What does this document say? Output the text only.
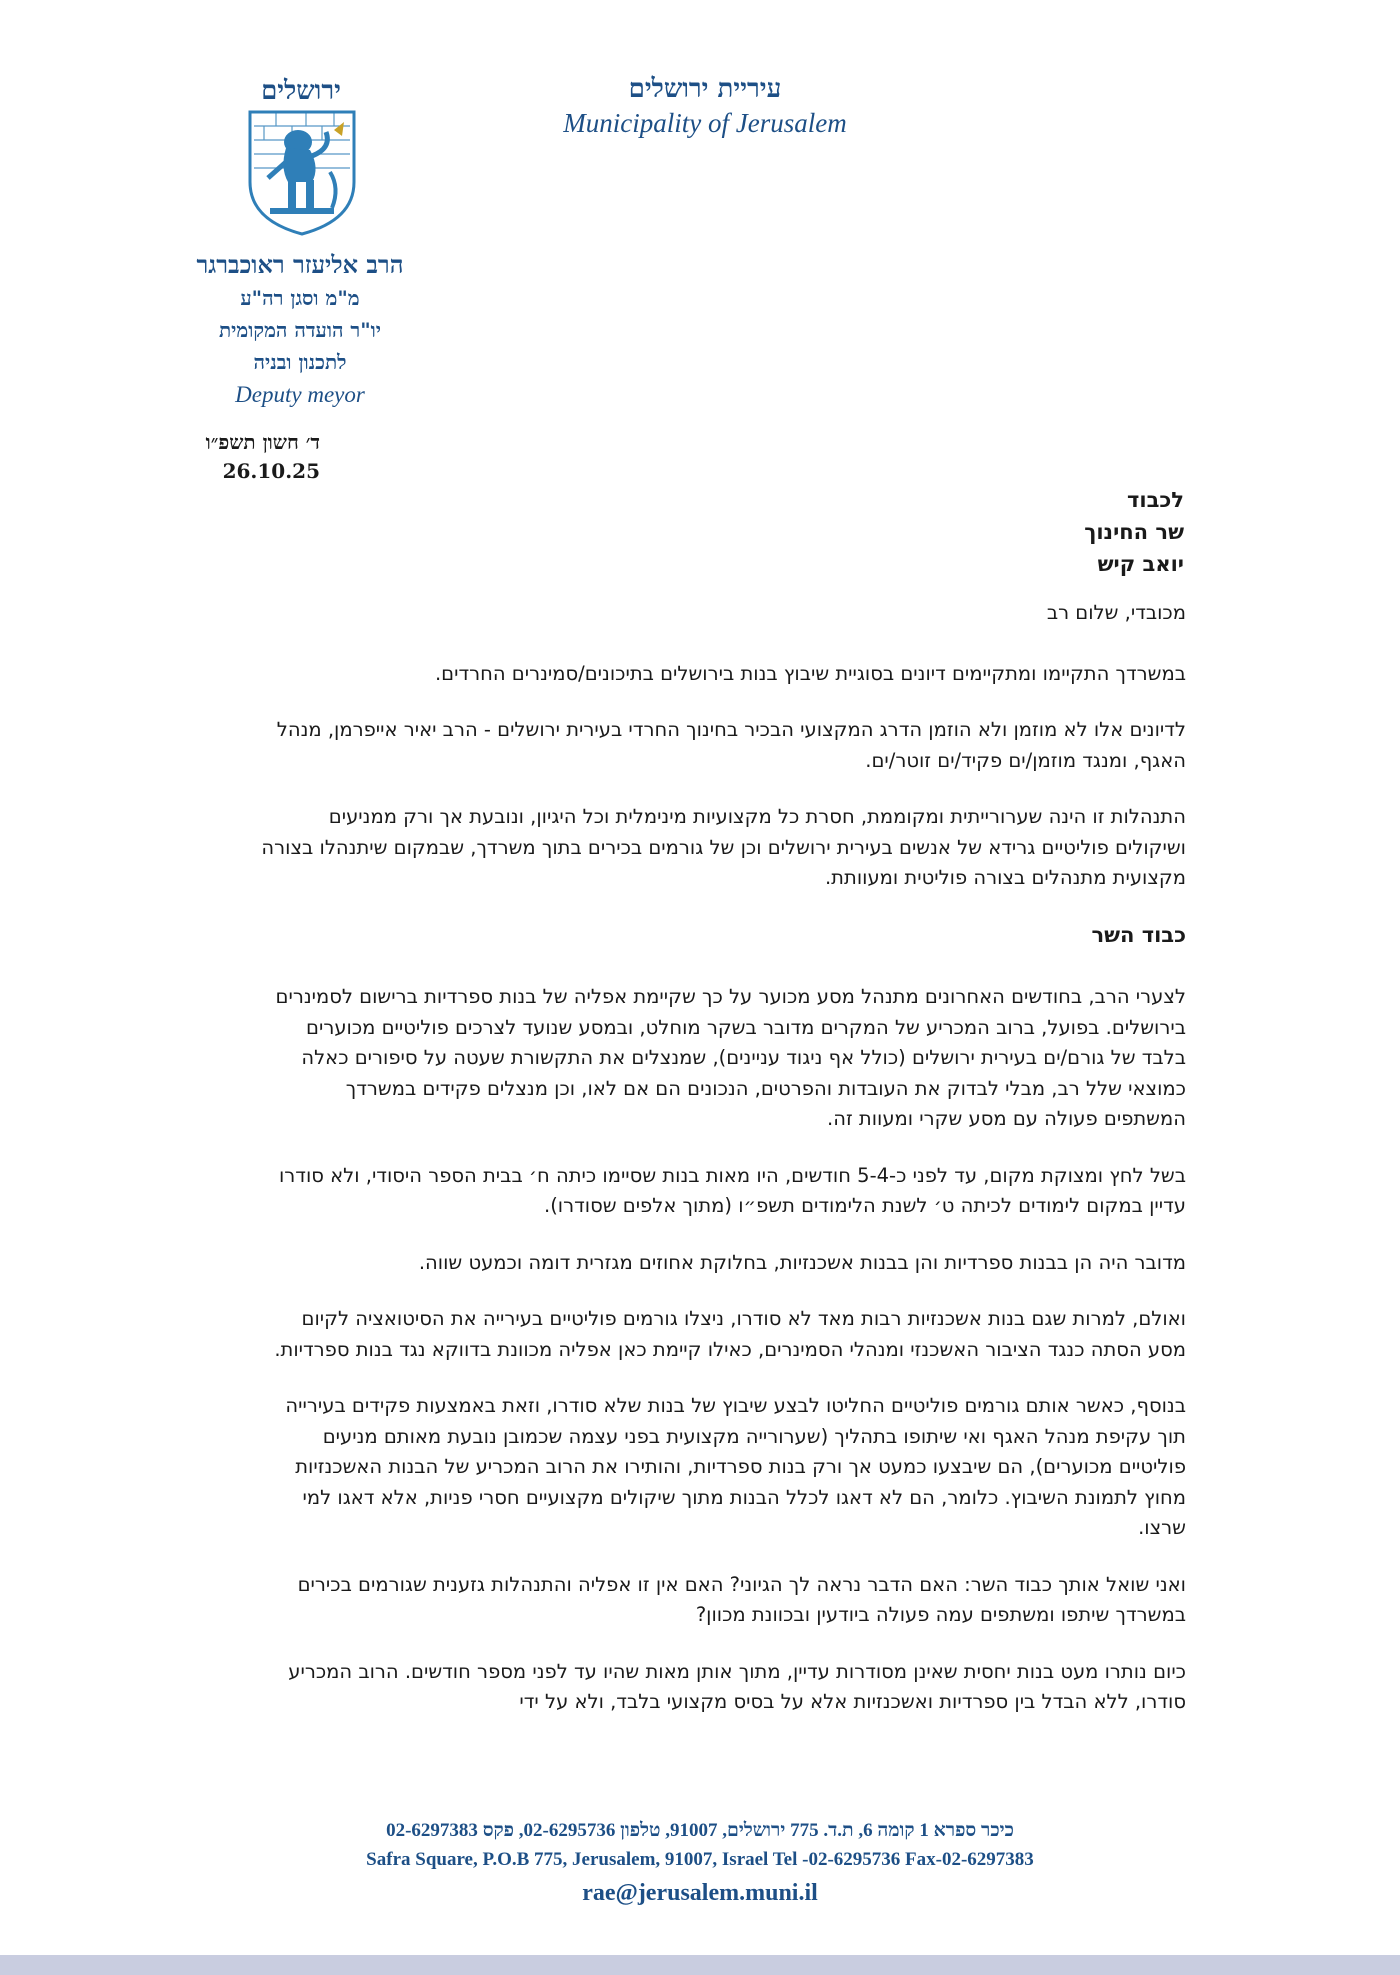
עיריית ירושלים
Municipality of Jerusalem
ירושלים
הרב אליעזר ראוכברגר
מ"מ וסגן רה"ע
יו"ר הועדה המקומית
לתכנון ובניה
Deputy meyor
ד׳ חשון תשפ״ו
26.10.25
לכבוד
שר החינוך
יואב קיש

מכובדי, שלום רב

במשרדך התקיימו ומתקיימים דיונים בסוגיית שיבוץ בנות בירושלים בתיכונים/סמינרים החרדים.

לדיונים אלו לא מוזמן ולא הוזמן הדרג המקצועי הבכיר בחינוך החרדי בעירית ירושלים - הרב יאיר אייפרמן, מנהל האגף, ומנגד מוזמן/ים פקיד/ים זוטר/ים.

התנהלות זו הינה שערורייתית ומקוממת, חסרת כל מקצועיות מינימלית וכל היגיון, ונובעת אך ורק ממניעים ושיקולים פוליטיים גרידא של אנשים בעירית ירושלים וכן של גורמים בכירים בתוך משרדך, שבמקום שיתנהלו בצורה מקצועית מתנהלים בצורה פוליטית ומעוותת.

כבוד השר

לצערי הרב, בחודשים האחרונים מתנהל מסע מכוער על כך שקיימת אפליה של בנות ספרדיות ברישום לסמינרים בירושלים. בפועל, ברוב המכריע של המקרים מדובר בשקר מוחלט, ובמסע שנועד לצרכים פוליטיים מכוערים בלבד של גורם/ים בעירית ירושלים (כולל אף ניגוד עניינים), שמנצלים את התקשורת שעטה על סיפורים כאלה כמוצאי שלל רב, מבלי לבדוק את העובדות והפרטים, הנכונים הם אם לאו, וכן מנצלים פקידים במשרדך המשתפים פעולה עם מסע שקרי ומעוות זה.

בשל לחץ ומצוקת מקום, עד לפני כ-5-4 חודשים, היו מאות בנות שסיימו כיתה ח׳ בבית הספר היסודי, ולא סודרו עדיין במקום לימודים לכיתה ט׳ לשנת הלימודים תשפ״ו (מתוך אלפים שסודרו).

מדובר היה הן בבנות ספרדיות והן בבנות אשכנזיות, בחלוקת אחוזים מגזרית דומה וכמעט שווה.

ואולם, למרות שגם בנות אשכנזיות רבות מאד לא סודרו, ניצלו גורמים פוליטיים בעירייה את הסיטואציה לקיום מסע הסתה כנגד הציבור האשכנזי ומנהלי הסמינרים, כאילו קיימת כאן אפליה מכוונת בדווקא נגד בנות ספרדיות.

בנוסף, כאשר אותם גורמים פוליטיים החליטו לבצע שיבוץ של בנות שלא סודרו, וזאת באמצעות פקידים בעירייה תוך עקיפת מנהל האגף ואי שיתופו בתהליך (שערורייה מקצועית בפני עצמה שכמובן נובעת מאותם מניעים פוליטיים מכוערים), הם שיבצעו כמעט אך ורק בנות ספרדיות, והותירו את הרוב המכריע של הבנות האשכנזיות מחוץ לתמונת השיבוץ. כלומר, הם לא דאגו לכלל הבנות מתוך שיקולים מקצועיים חסרי פניות, אלא דאגו למי שרצו.

ואני שואל אותך כבוד השר: האם הדבר נראה לך הגיוני? האם אין זו אפליה והתנהלות גזענית שגורמים בכירים במשרדך שיתפו ומשתפים עמה פעולה ביודעין ובכוונת מכוון?

כיום נותרו מעט בנות יחסית שאינן מסודרות עדיין, מתוך אותן מאות שהיו עד לפני מספר חודשים. הרוב המכריע סודרו, ללא הבדל בין ספרדיות ואשכנזיות אלא על בסיס מקצועי בלבד, ולא על ידי

כיכר ספרא 1 קומה 6, ת.ד. 775 ירושלים, 91007, טלפון 02-6295736, פקס 02-6297383
Safra Square, P.O.B 775, Jerusalem, 91007, Israel Tel -02-6295736 Fax-02-6297383
rae@jerusalem.muni.il
